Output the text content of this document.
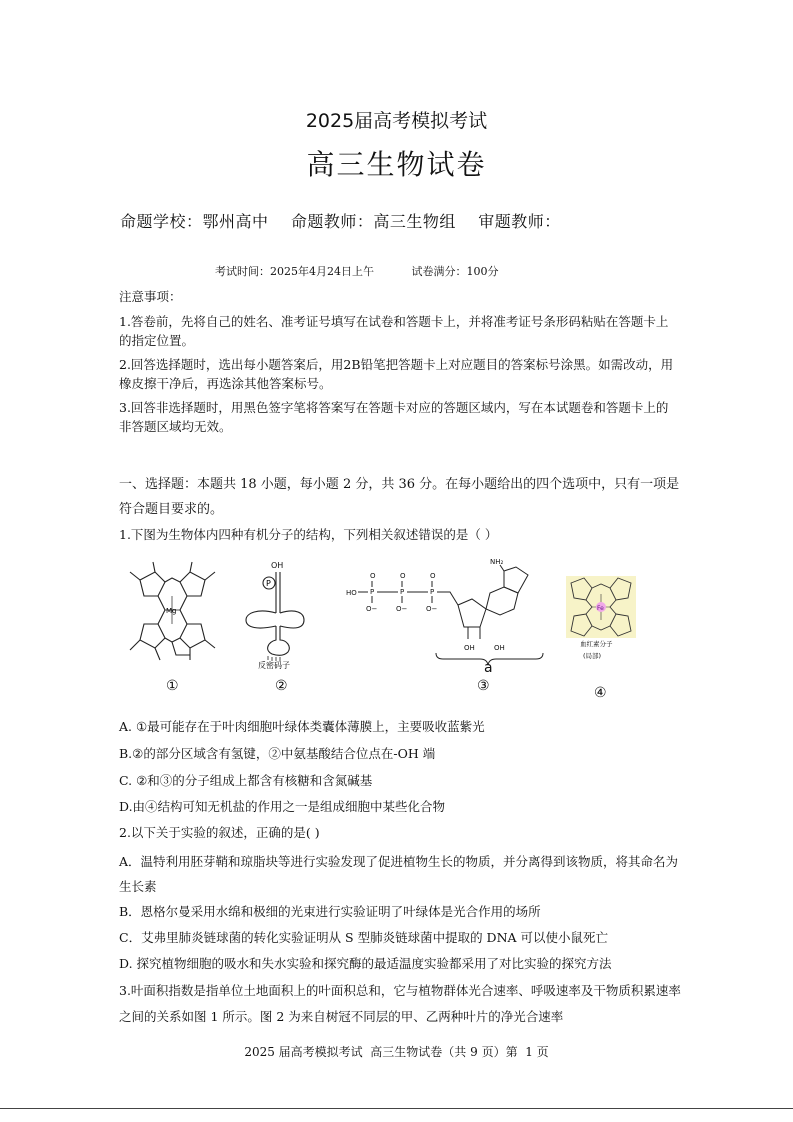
2025届高考模拟考试
高三生物试卷
命题学校：鄂州高中    命题教师：高三生物组    审题教师：
考试时间：2025年4月24日上午	试卷满分：100分
注意事项：
1.答卷前，先将自己的姓名、准考证号填写在试卷和答题卡上，并将准考证号条形码粘贴在答题卡上的指定位置。
2.回答选择题时，选出每小题答案后，用2B铅笔把答题卡上对应题目的答案标号涂黑。如需改动，用橡皮擦干净后，再选涂其他答案标号。
3.回答非选择题时，用黑色签字笔将答案写在答题卡对应的答题区域内，写在本试题卷和答题卡上的非答题区域均无效。
一、选择题：本题共 18 小题，每小题 2 分，共 36 分。在每小题给出的四个选项中，只有一项是符合题目要求的。
1.下图为生物体内四种有机分子的结构，下列相关叙述错误的是（ ）
Mg
①
OH
P
反密码子
②
HO
NH₂
O−	O−	O−
OH	OH
P	P	P
O	O	O
a
③
Fe
血红素分子
(局部)
④
A. ①最可能存在于叶肉细胞叶绿体类囊体薄膜上，主要吸收蓝紫光
B.②的部分区域含有氢键，②中氨基酸结合位点在-OH 端
C. ②和③的分子组成上都含有核糖和含氮碱基
D.由④结构可知无机盐的作用之一是组成细胞中某些化合物
2.以下关于实验的叙述，正确的是( )
A．温特利用胚芽鞘和琼脂块等进行实验发现了促进植物生长的物质，并分离得到该物质，将其命名为生长素
B．恩格尔曼采用水绵和极细的光束进行实验证明了叶绿体是光合作用的场所
C．艾弗里肺炎链球菌的转化实验证明从 S 型肺炎链球菌中提取的 DNA 可以使小鼠死亡
D. 探究植物细胞的吸水和失水实验和探究酶的最适温度实验都采用了对比实验的探究方法
3.叶面积指数是指单位土地面积上的叶面积总和，它与植物群体光合速率、呼吸速率及干物质积累速率之间的关系如图 1 所示。图 2 为来自树冠不同层的甲、乙两种叶片的净光合速率
2025 届高考模拟考试  高三生物试卷（共 9 页）第  1 页
